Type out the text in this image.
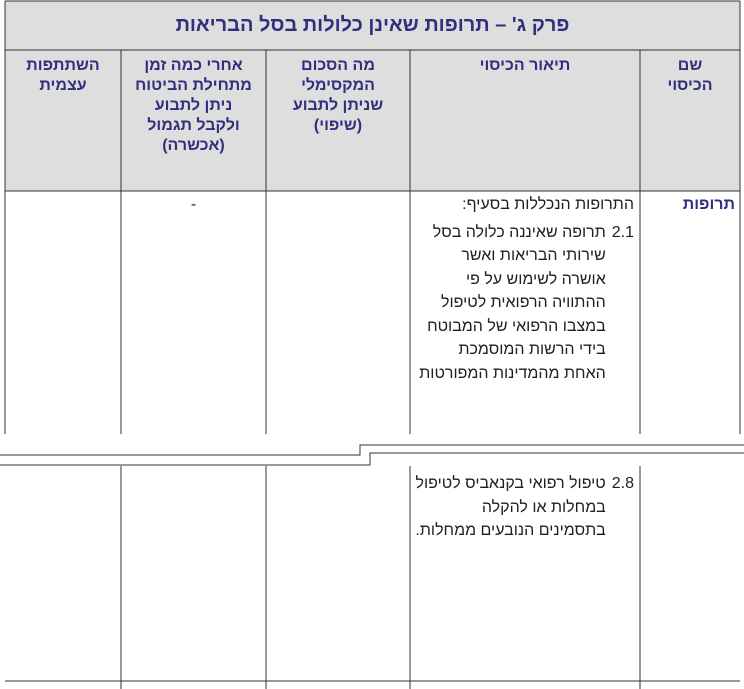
פרק ג' – תרופות שאינן כלולות בסל הבריאות
שם הכיסוי
תיאור הכיסוי
מה הסכום המקסימלי שניתן לתבוע (שיפוי)
אחרי כמה זמן מתחילת הביטוח ניתן לתבוע ולקבל תגמול (אכשרה)
השתתפות עצמית
תרופות
התרופות הנכללות בסעיף:
2.1
תרופה שאיננה כלולה בסל שירותי הבריאות ואשר אושרה לשימוש על פי ההתוויה הרפואית לטיפול במצבו הרפואי של המבוטח בידי הרשות המוסמכת האחת מהמדינות המפורטות
-
2.8
טיפול רפואי בקנאביס לטיפול במחלות או להקלה בתסמינים הנובעים ממחלות.
